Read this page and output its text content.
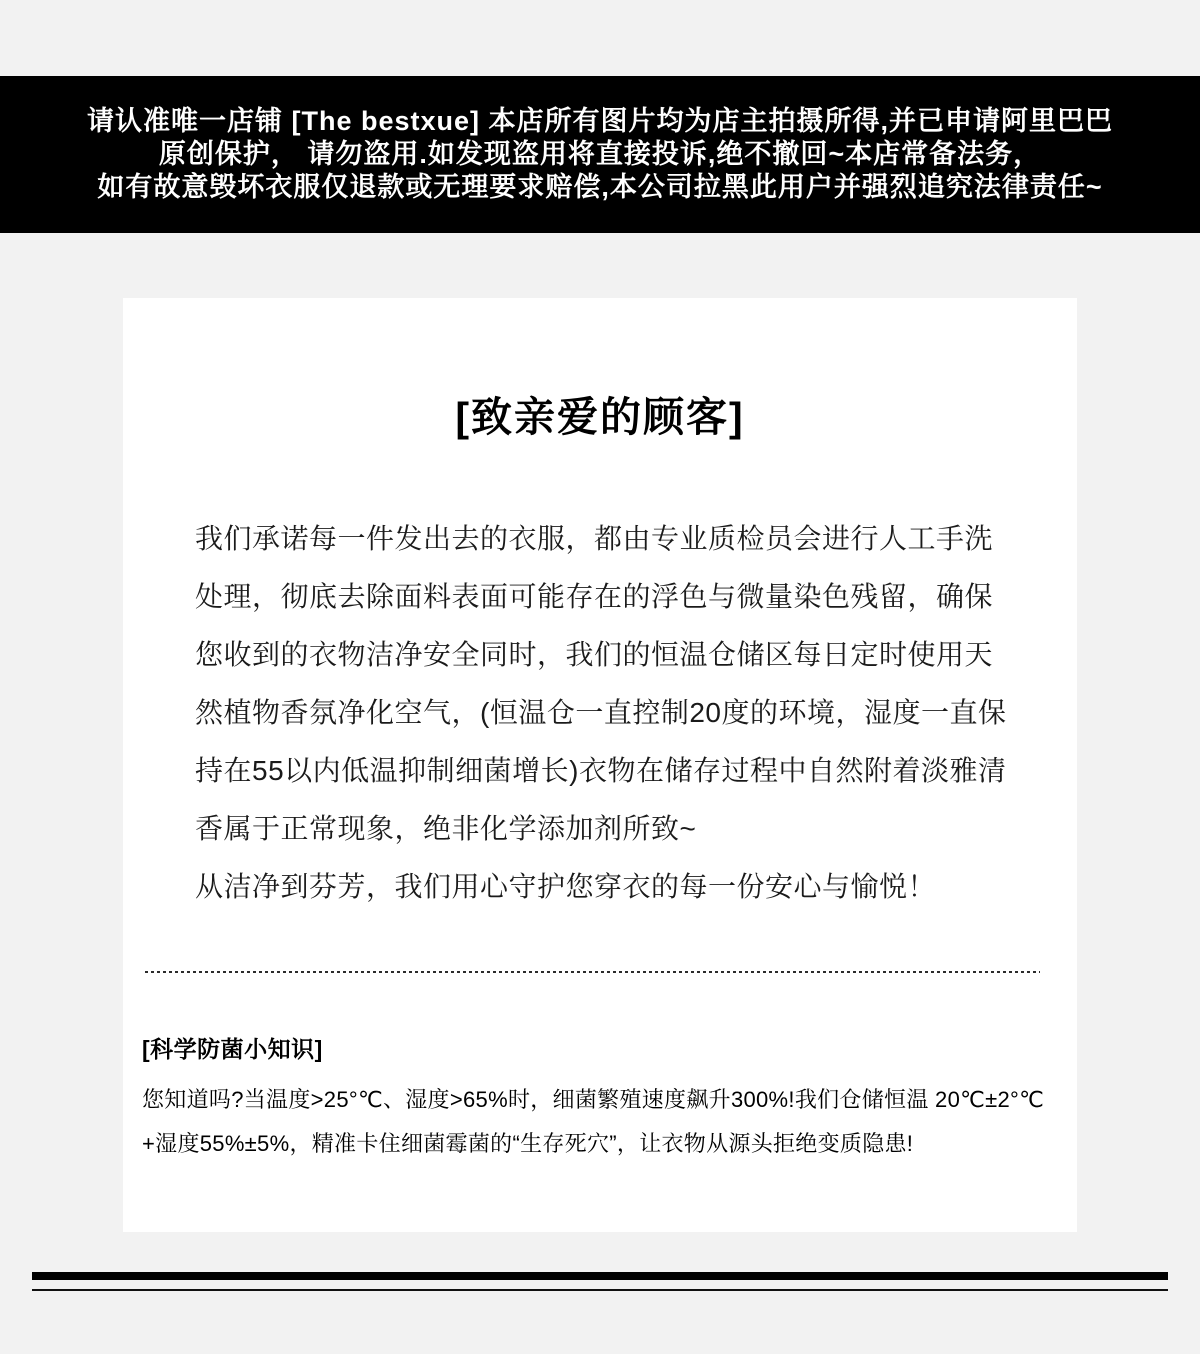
请认准唯一店铺 [The bestxue] 本店所有图片均为店主拍摄所得,并已申请阿里巴巴
原创保护， 请勿盗用.如发现盗用将直接投诉,绝不撤回~本店常备法务，
如有故意毁坏衣服仅退款或无理要求赔偿,本公司拉黑此用户并强烈追究法律责任~
[致亲爱的顾客]
我们承诺每一件发出去的衣服，都由专业质检员会进行人工手洗
处理，彻底去除面料表面可能存在的浮色与微量染色残留，确保
您收到的衣物洁净安全同时，我们的恒温仓储区每日定时使用天
然植物香氛净化空气，(恒温仓一直控制20度的环境，湿度一直保
持在55以内低温抑制细菌增长)衣物在储存过程中自然附着淡雅清
香属于正常现象，绝非化学添加剂所致~
从洁净到芬芳，我们用心守护您穿衣的每一份安心与愉悦！
[科学防菌小知识]
您知道吗?当温度>25°℃、湿度>65%时，细菌繁殖速度飙升300%!我们仓储恒温 20℃±2°℃
+湿度55%±5%，精准卡住细菌霉菌的“生存死穴”，让衣物从源头拒绝变质隐患!
